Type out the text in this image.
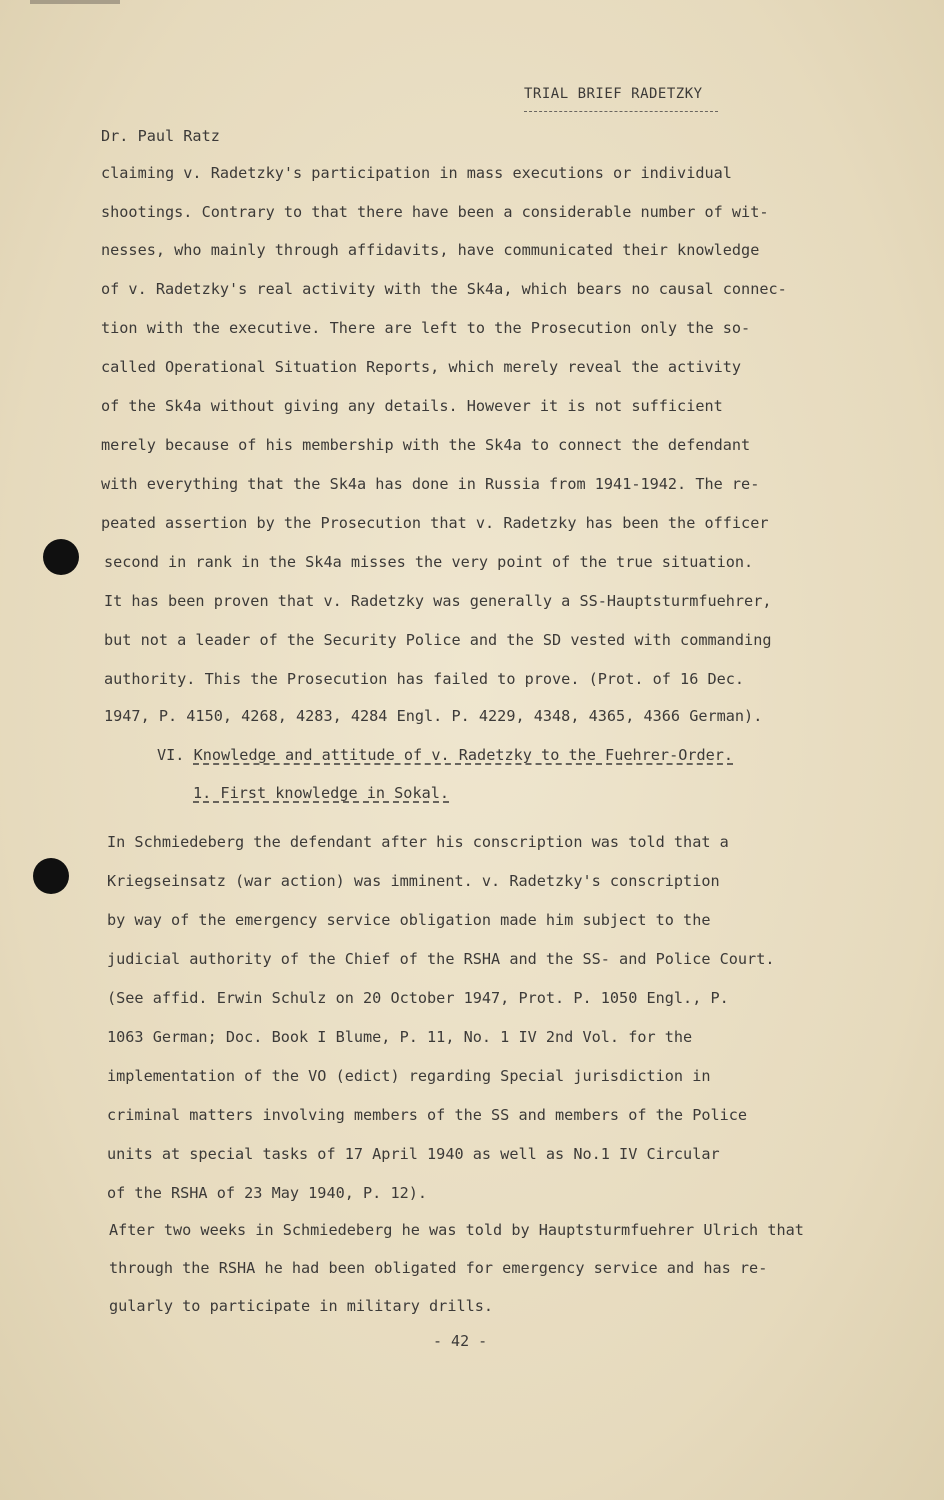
TRIAL BRIEF RADETZKY
Dr. Paul Ratz
claiming v. Radetzky's participation in mass executions or individual
shootings. Contrary to that there have been a considerable number of wit-
nesses, who mainly through affidavits, have communicated their knowledge
of v. Radetzky's real activity with the Sk4a, which bears no causal connec-
tion with the executive. There are left to the Prosecution only the so-
called Operational Situation Reports, which merely reveal the activity
of the Sk4a without giving any details. However it is not sufficient
merely because of his membership with the Sk4a to connect the defendant
with everything that the Sk4a has done in Russia from 1941-1942. The re-
peated assertion by the Prosecution that v. Radetzky has been the officer
second in rank in the Sk4a misses the very point of the true situation.
It has been proven that v. Radetzky was generally a SS-Hauptsturmfuehrer,
but not a leader of the Security Police and the SD vested with commanding
authority. This the Prosecution has failed to prove. (Prot. of 16 Dec.
1947, P. 4150, 4268, 4283, 4284 Engl. P. 4229, 4348, 4365, 4366 German).
VI. Knowledge and attitude of v. Radetzky to the Fuehrer-Order.
1. First knowledge in Sokal.
In Schmiedeberg the defendant after his conscription was told that a
Kriegseinsatz (war action) was imminent. v. Radetzky's conscription
by way of the emergency service obligation made him subject to the
judicial authority of the Chief of the RSHA and the SS- and Police Court.
(See affid. Erwin Schulz on 20 October 1947, Prot. P. 1050 Engl., P.
1063 German; Doc. Book I Blume, P. 11, No. 1 IV 2nd Vol. for the
implementation of the VO (edict) regarding Special jurisdiction in
criminal matters involving members of the SS and members of the Police
units at special tasks of 17 April 1940 as well as No.1 IV Circular
of the RSHA of 23 May 1940, P. 12).
After two weeks in Schmiedeberg he was told by Hauptsturmfuehrer Ulrich that
through the RSHA he had been obligated for emergency service and has re-
gularly to participate in military drills.
- 42 -
